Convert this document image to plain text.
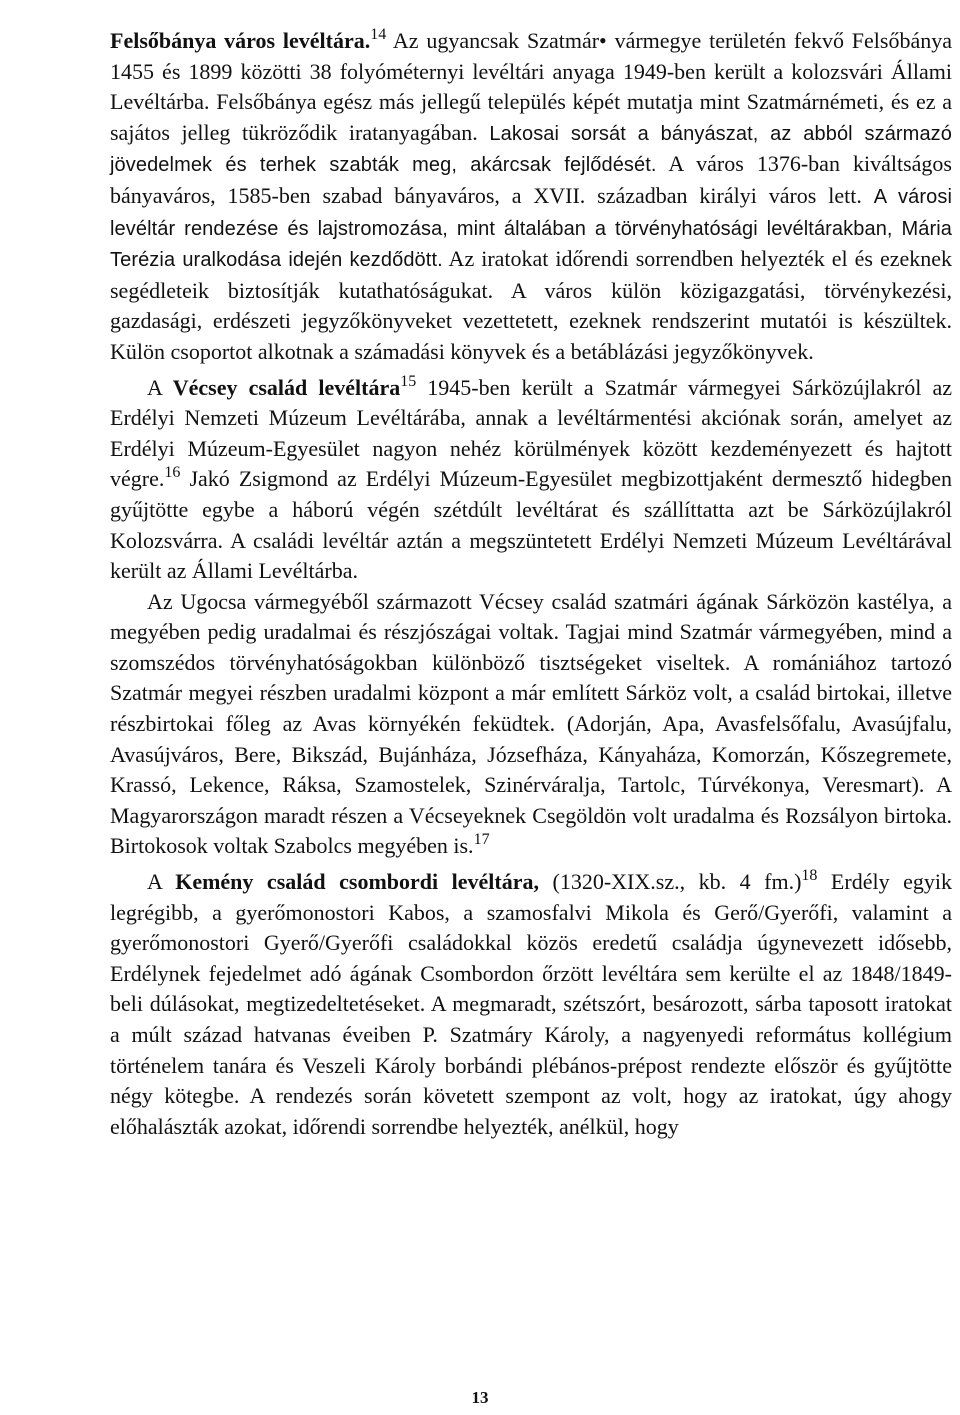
Felsőbánya város levéltára.$^{14}$ Az ugyancsak Szatmár• vármegye területén fekvő Felsőbánya 1455 és 1899 közötti 38 folyóméternyi levéltári anyaga 1949-ben került a kolozsvári Állami Levéltárba. Felsőbánya egész más jellegű település képét mutatja mint Szatmárnémeti, és ez a sajátos jelleg tükröződik iratanyagában. Lakosai sorsát a bányászat, az abból származó jövedelmek és terhek szabták meg, akárcsak fejlődését. A város 1376-ban kiváltságos bányaváros, 1585-ben szabad bányaváros, a XVII. században királyi város lett. A városi levéltár rendezése és lajstromozása, mint általában a törvényhatósági levéltárakban, Mária Terézia uralkodása idején kezdődött. Az iratokat időrendi sorrendben helyezték el és ezeknek segédleteik biztosítják kutathatóságukat. A város külön közigazgatási, törvénykezési, gazdasági, erdészeti jegyzőkönyveket vezettetett, ezeknek rendszerint mutatói is készültek. Külön csoportot alkotnak a számadási könyvek és a betáblázási jegyzőkönyvek.

A Vécsey család levéltára$^{15}$ 1945-ben került a Szatmár vármegyei Sárközújlakról az Erdélyi Nemzeti Múzeum Levéltárába, annak a levéltármentési akciónak során, amelyet az Erdélyi Múzeum-Egyesület nagyon nehéz körülmények között kezdeményezett és hajtott végre.$^{16}$ Jakó Zsigmond az Erdélyi Múzeum-Egyesület megbizottjaként dermesztő hidegben gyűjtötte egybe a háború végén szétdúlt levéltárat és szállíttatta azt be Sárközújlakról Kolozsvárra. A családi levéltár aztán a megszüntetett Erdélyi Nemzeti Múzeum Levéltárával került az Állami Levéltárba.

Az Ugocsa vármegyéből származott Vécsey család szatmári ágának Sárközön kastélya, a megyében pedig uradalmai és részjószágai voltak. Tagjai mind Szatmár vármegyében, mind a szomszédos törvényhatóságokban különböző tisztségeket viseltek. A romániához tartozó Szatmár megyei részben uradalmi központ a már említett Sárköz volt, a család birtokai, illetve részbirtokai főleg az Avas környékén feküdtek. (Adorján, Apa, Avasfelsőfalu, Avasújfalu, Avasújváros, Bere, Bikszád, Bujánháza, Józsefháza, Kányaháza, Komorzán, Kőszegremete, Krassó, Lekence, Ráksa, Szamostelek, Szinérváralja, Tartolc, Túrvékonya, Veresmart). A Magyarországon maradt részen a Vécseyeknek Csegöldön volt uradalma és Rozsályon birtoka. Birtokosok voltak Szabolcs megyében is.$^{17}$

A Kemény család csombordi levéltára, (1320-XIX.sz., kb. 4 fm.)$^{18}$ Erdély egyik legrégibb, a gyerőmonostori Kabos, a szamosfalvi Mikola és Gerő/Gyerőfi, valamint a gyerőmonostori Gyerő/Gyerőfi családokkal közös eredetű családja úgynevezett idősebb, Erdélynek fejedelmet adó ágának Csombordon őrzött levéltára sem kerülte el az 1848/1849-beli dúlásokat, megtizedeltetéseket. A megmaradt, szétszórt, besározott, sárba taposott iratokat a múlt század hatvanas éveiben P. Szatmáry Károly, a nagyenyedi református kollégium történelem tanára és Veszeli Károly borbándi plébános-prépost rendezte először és gyűjtötte négy kötegbe. A rendezés során követett szempont az volt, hogy az iratokat, úgy ahogy előhalászták azokat, időrendi sorrendbe helyezték, anélkül, hogy

13
